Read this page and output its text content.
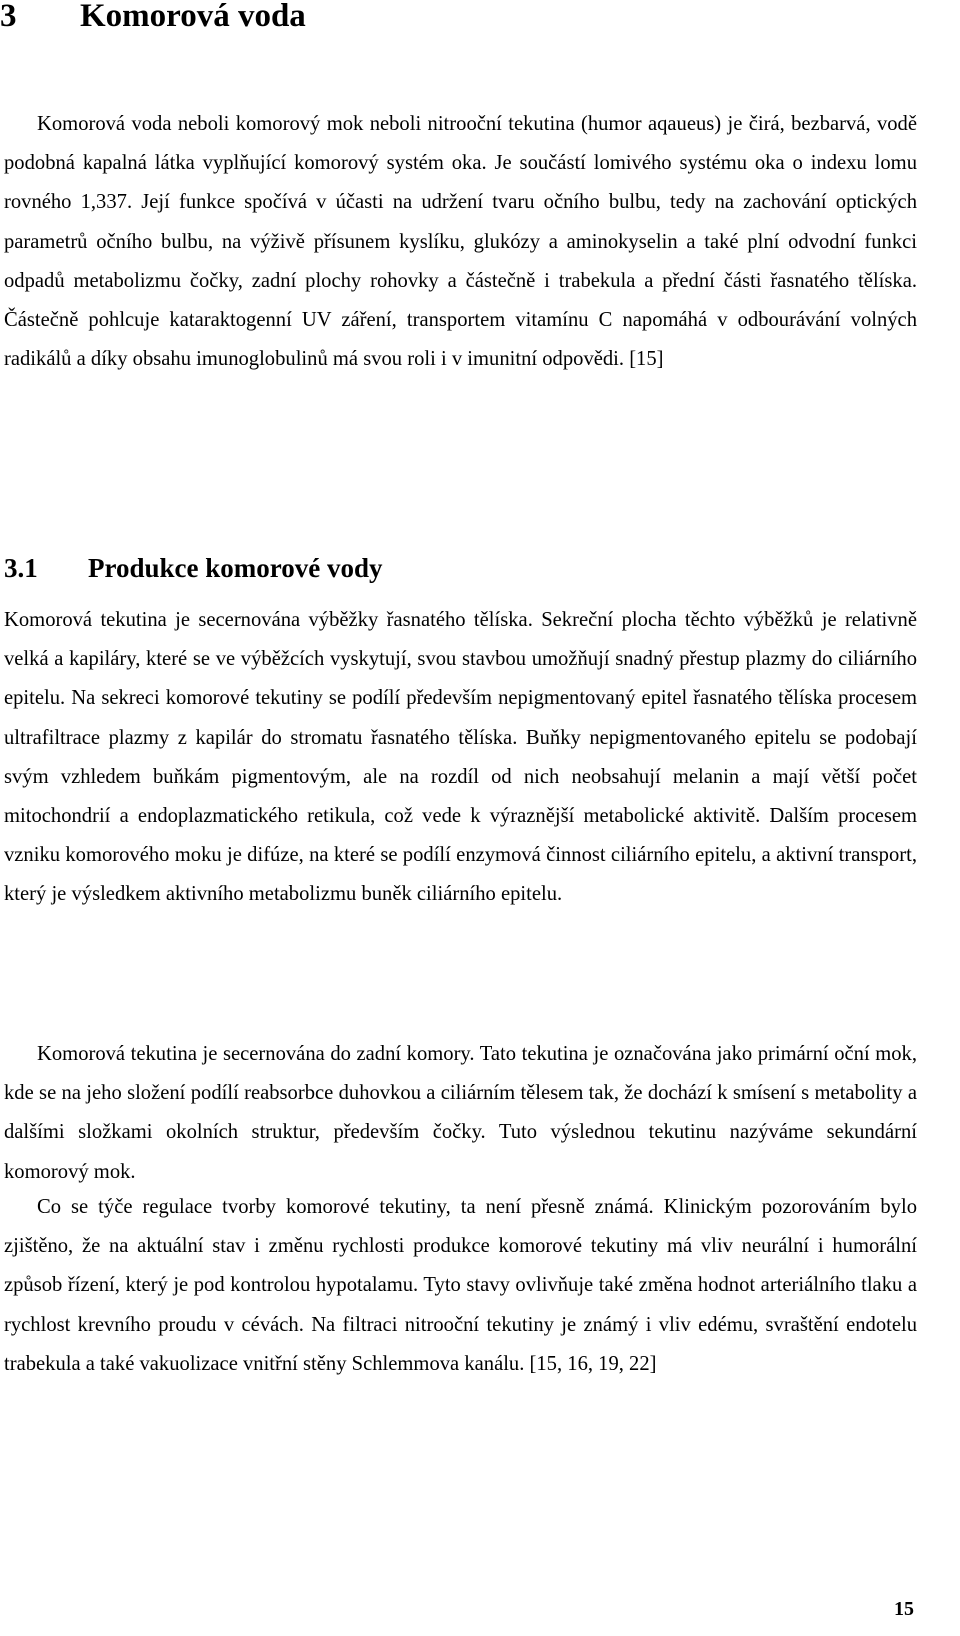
3 Komorová voda

Komorová voda neboli komorový mok neboli nitrooční tekutina (humor aqaueus) je čirá, bezbarvá, vodě podobná kapalná látka vyplňující komorový systém oka. Je součástí lomivého systému oka o indexu lomu rovného 1,337. Její funkce spočívá v účasti na udržení tvaru očního bulbu, tedy na zachování optických parametrů očního bulbu, na výživě přísunem kyslíku, glukózy a aminokyselin a také plní odvodní funkci odpadů metabolizmu čočky, zadní plochy rohovky a částečně i trabekula a přední části řasnatého tělíska. Částečně pohlcuje kataraktogenní UV záření, transportem vitamínu C napomáhá v odbourávání volných radikálů a díky obsahu imunoglobulinů má svou roli i v imunitní odpovědi. [15]

3.1 Produkce komorové vody

Komorová tekutina je secernována výběžky řasnatého tělíska. Sekreční plocha těchto výběžků je relativně velká a kapiláry, které se ve výběžcích vyskytují, svou stavbou umožňují snadný přestup plazmy do ciliárního epitelu. Na sekreci komorové tekutiny se podílí především nepigmentovaný epitel řasnatého tělíska procesem ultrafiltrace plazmy z kapilár do stromatu řasnatého tělíska. Buňky nepigmentovaného epitelu se podobají svým vzhledem buňkám pigmentovým, ale na rozdíl od nich neobsahují melanin a mají větší počet mitochondrií a endoplazmatického retikula, což vede k výraznější metabolické aktivitě. Dalším procesem vzniku komorového moku je difúze, na které se podílí enzymová činnost ciliárního epitelu, a aktivní transport, který je výsledkem aktivního metabolizmu buněk ciliárního epitelu.

Komorová tekutina je secernována do zadní komory. Tato tekutina je označována jako primární oční mok, kde se na jeho složení podílí reabsorbce duhovkou a ciliárním tělesem tak, že dochází k smísení s metabolity a dalšími složkami okolních struktur, především čočky. Tuto výslednou tekutinu nazýváme sekundární komorový mok.

Co se týče regulace tvorby komorové tekutiny, ta není přesně známá. Klinickým pozorováním bylo zjištěno, že na aktuální stav i změnu rychlosti produkce komorové tekutiny má vliv neurální i humorální způsob řízení, který je pod kontrolou hypotalamu. Tyto stavy ovlivňuje také změna hodnot arteriálního tlaku a rychlost krevního proudu v cévách. Na filtraci nitrooční tekutiny je známý i vliv edému, svraštění endotelu trabekula a také vakuolizace vnitřní stěny Schlemmova kanálu. [15, 16, 19, 22]

15
